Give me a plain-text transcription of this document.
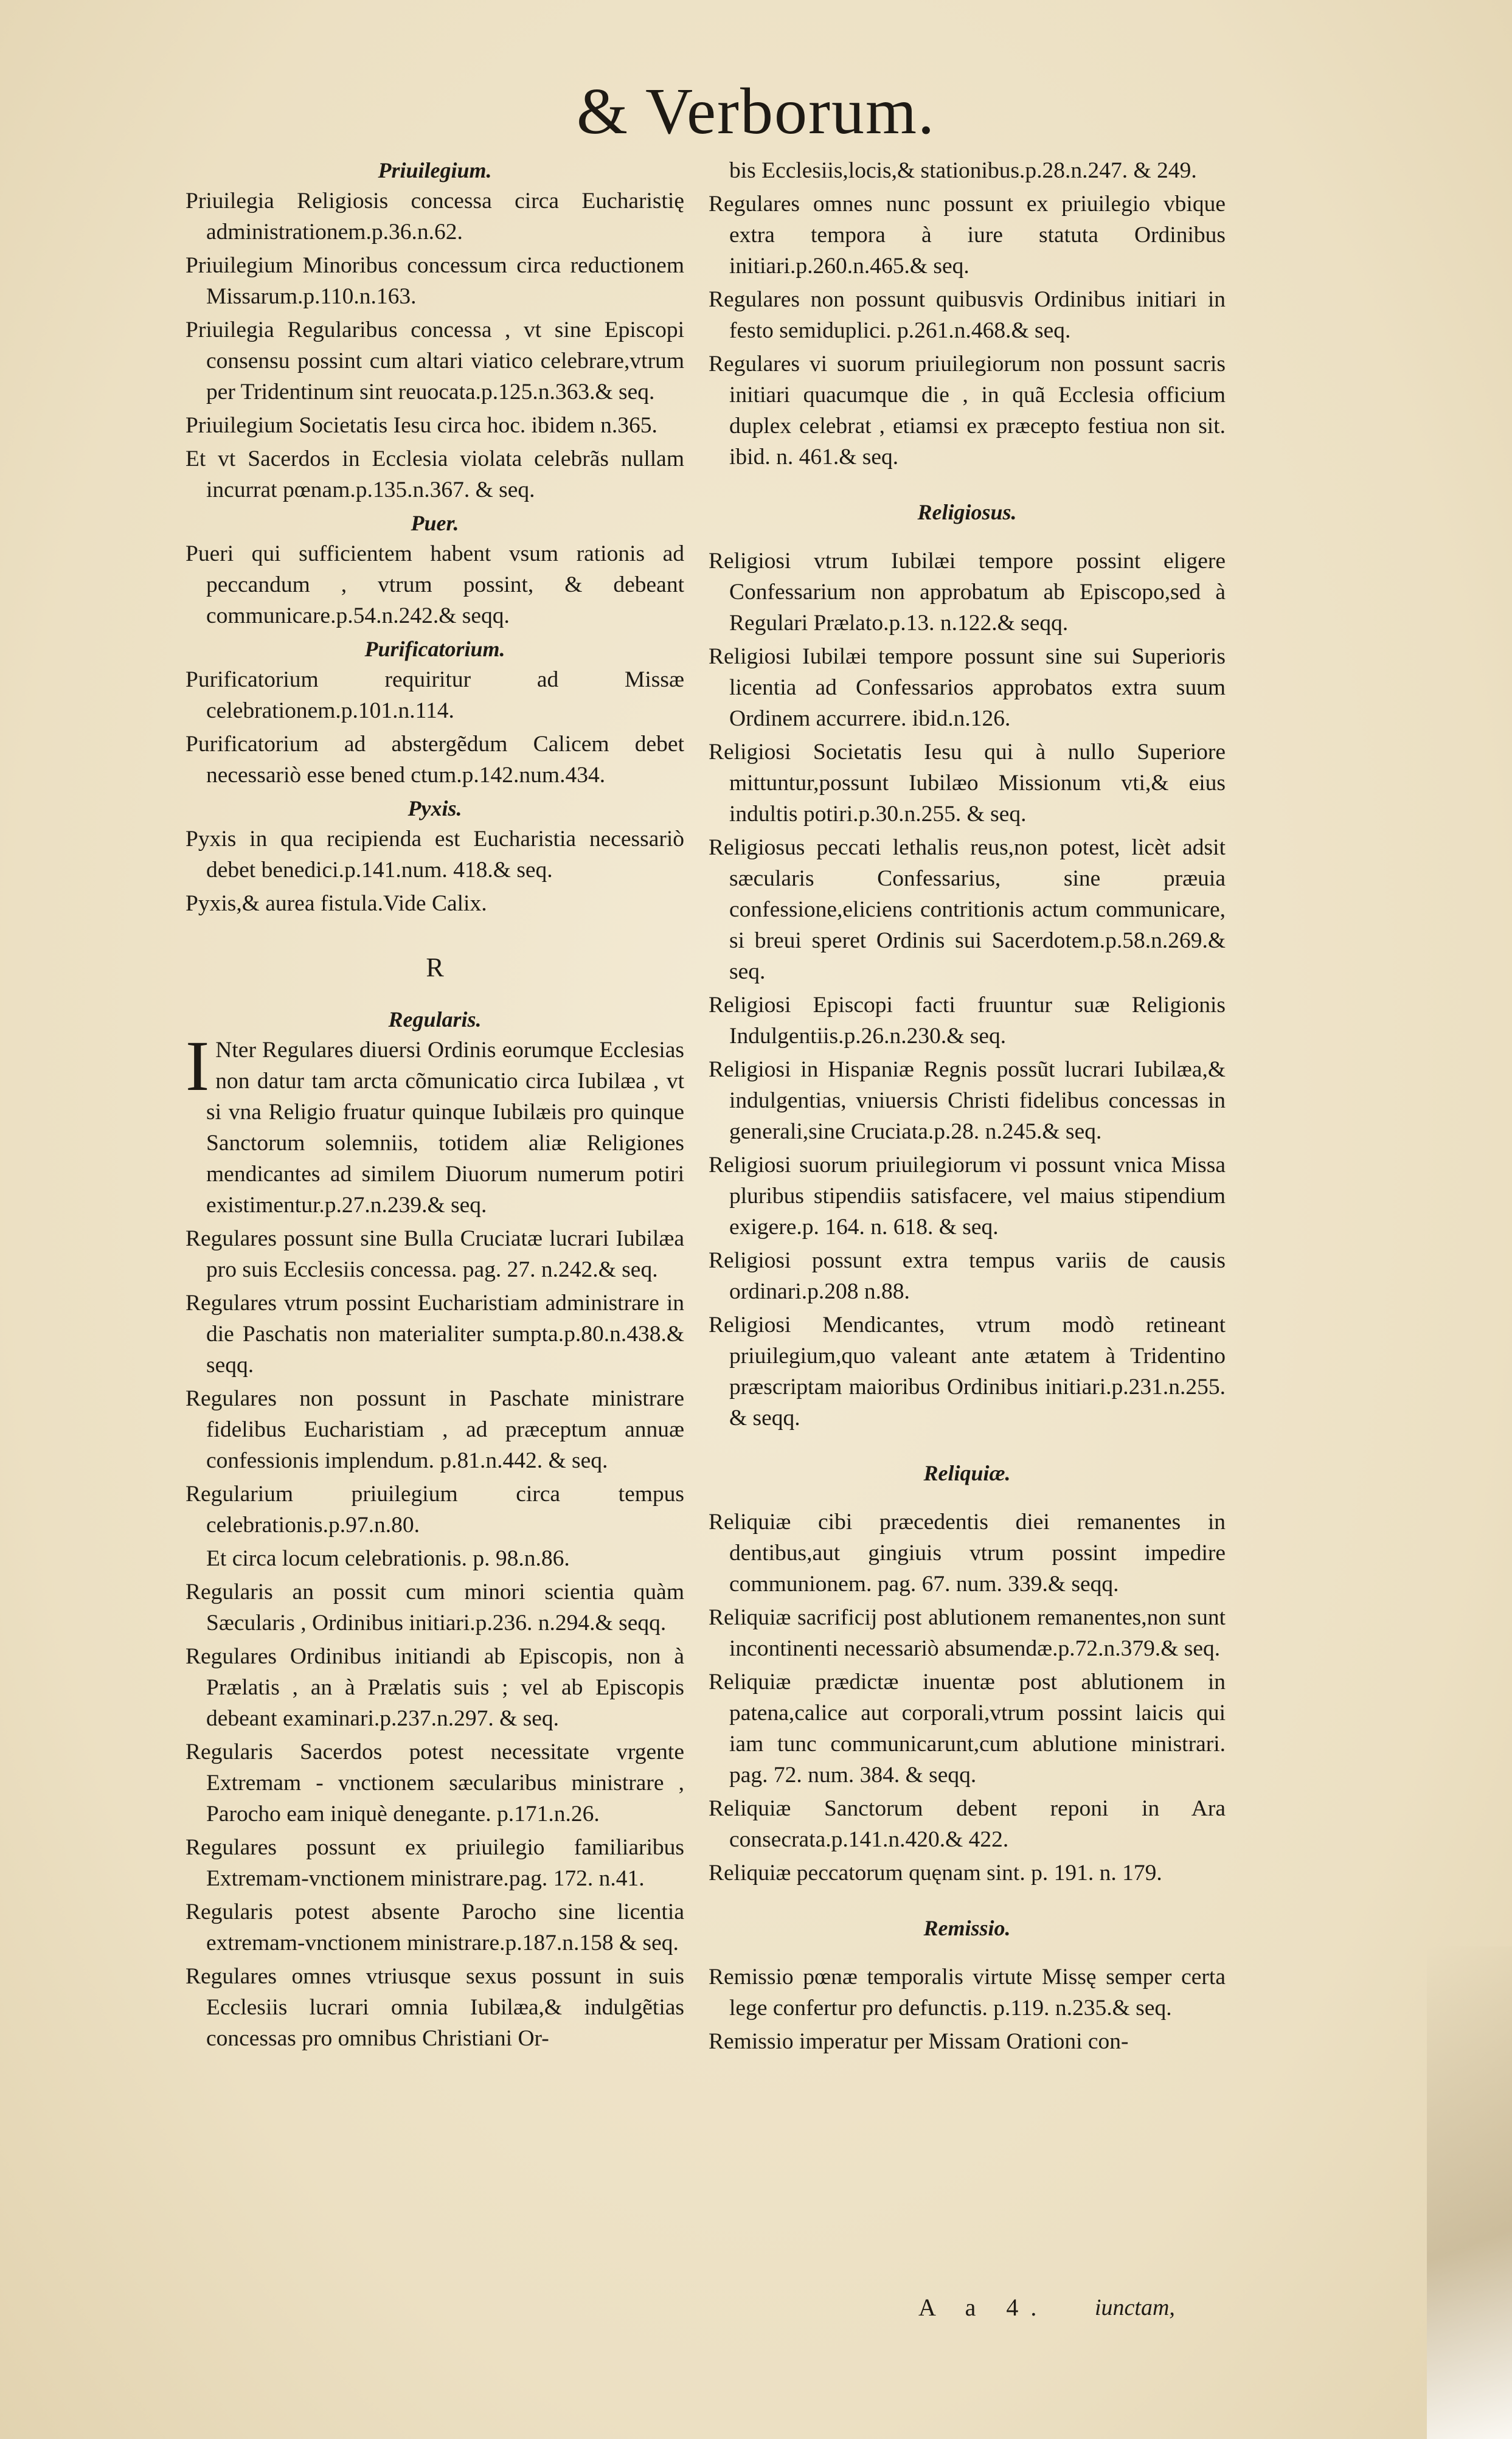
& Verborum.
Priuilegium.

Priuilegia Religiosis concessa circa Eucharistię administrationem.p.36.n.62.

Priuilegium Minoribus concessum circa reductionem Missarum.p.110.n.163.

Priuilegia Regularibus concessa , vt sine Episcopi consensu possint cum altari viatico celebrare,vtrum per Tridentinum sint reuocata.p.125.n.363.& seq.

Priuilegium Societatis Iesu circa hoc. ibidem n.365.

Et vt Sacerdos in Ecclesia violata celebrãs nullam incurrat pœnam.p.135.n.367. & seq.

Puer.

Pueri qui sufficientem habent vsum rationis ad peccandum , vtrum possint, & debeant communicare.p.54.n.242.& seqq.

Purificatorium.

Purificatorium requiritur ad Missæ celebrationem.p.101.n.114.

Purificatorium ad abstergẽdum Calicem debet necessariò esse bened ctum.p.142.num.434.

Pyxis.

Pyxis in qua recipienda est Eucharistia necessariò debet benedici.p.141.num. 418.& seq.

Pyxis,& aurea fistula.Vide Calix.

R
Regularis.

I Nter Regulares diuersi Ordinis eorumque Ecclesias non datur tam arcta cõmunicatio circa Iubilæa , vt si vna Religio fruatur quinque Iubilæis pro quinque Sanctorum solemniis, totidem aliæ Religiones mendicantes ad similem Diuorum numerum potiri existimentur.p.27.n.239.& seq.

Regulares possunt sine Bulla Cruciatæ lucrari Iubilæa pro suis Ecclesiis concessa. pag. 27. n.242.& seq.

Regulares vtrum possint Eucharistiam administrare in die Paschatis non materialiter sumpta.p.80.n.438.& seqq.

Regulares non possunt in Paschate ministrare fidelibus Eucharistiam , ad præceptum annuæ confessionis implendum. p.81.n.442. & seq.

Regularium priuilegium circa tempus celebrationis.p.97.n.80.

Et circa locum celebrationis. p. 98.n.86.

Regularis an possit cum minori scientia quàm Sæcularis , Ordinibus initiari.p.236. n.294.& seqq.

Regulares Ordinibus initiandi ab Episcopis, non à Prælatis , an à Prælatis suis ; vel ab Episcopis debeant examinari.p.237.n.297. & seq.

Regularis Sacerdos potest necessitate vrgente Extremam - vnctionem sæcularibus ministrare , Parocho eam iniquè denegante. p.171.n.26.

Regulares possunt ex priuilegio familiaribus Extremam-vnctionem ministrare.pag. 172. n.41.

Regularis potest absente Parocho sine licentia extremam-vnctionem ministrare.p.187.n.158 & seq.

Regulares omnes vtriusque sexus possunt in suis Ecclesiis lucrari omnia Iubilæa,& indulgẽtias concessas pro omnibus Christiani Or-

bis Ecclesiis,locis,& stationibus.p.28.n.247. & 249.

Regulares omnes nunc possunt ex priuilegio vbique extra tempora à iure statuta Ordinibus initiari.p.260.n.465.& seq.

Regulares non possunt quibusvis Ordinibus initiari in festo semiduplici. p.261.n.468.& seq.

Regulares vi suorum priuilegiorum non possunt sacris initiari quacumque die , in quã Ecclesia officium duplex celebrat , etiamsi ex præcepto festiua non sit. ibid. n. 461.& seq.

Religiosus.

Religiosi vtrum Iubilæi tempore possint eligere Confessarium non approbatum ab Episcopo,sed à Regulari Prælato.p.13. n.122.& seqq.

Religiosi Iubilæi tempore possunt sine sui Superioris licentia ad Confessarios approbatos extra suum Ordinem accurrere. ibid.n.126.

Religiosi Societatis Iesu qui à nullo Superiore mittuntur,possunt Iubilæo Missionum vti,& eius indultis potiri.p.30.n.255. & seq.

Religiosus peccati lethalis reus,non potest, licèt adsit sæcularis Confessarius, sine præuia confessione,eliciens contritionis actum communicare, si breui speret Ordinis sui Sacerdotem.p.58.n.269.& seq.

Religiosi Episcopi facti fruuntur suæ Religionis Indulgentiis.p.26.n.230.& seq.

Religiosi in Hispaniæ Regnis possũt lucrari Iubilæa,& indulgentias, vniuersis Christi fidelibus concessas in generali,sine Cruciata.p.28. n.245.& seq.

Religiosi suorum priuilegiorum vi possunt vnica Missa pluribus stipendiis satisfacere, vel maius stipendium exigere.p. 164. n. 618. & seq.

Religiosi possunt extra tempus variis de causis ordinari.p.208 n.88.

Religiosi Mendicantes, vtrum modò retineant priuilegium,quo valeant ante ætatem à Tridentino præscriptam maioribus Ordinibus initiari.p.231.n.255. & seqq.

Reliquiæ.

Reliquiæ cibi præcedentis diei remanentes in dentibus,aut gingiuis vtrum possint impedire communionem. pag. 67. num. 339.& seqq.

Reliquiæ sacrificij post ablutionem remanentes,non sunt incontinenti necessariò absumendæ.p.72.n.379.& seq.

Reliquiæ prædictæ inuentæ post ablutionem in patena,calice aut corporali,vtrum possint laicis qui iam tunc communicarunt,cum ablutione ministrari. pag. 72. num. 384. & seqq.

Reliquiæ Sanctorum debent reponi in Ara consecrata.p.141.n.420.& 422.

Reliquiæ peccatorum quęnam sint. p. 191. n. 179.

Remissio.

Remissio pœnæ temporalis virtute Missę semper certa lege confertur pro defunctis. p.119. n.235.& seq.

Remissio imperatur per Missam Orationi con-

A a 4. iunctam,
